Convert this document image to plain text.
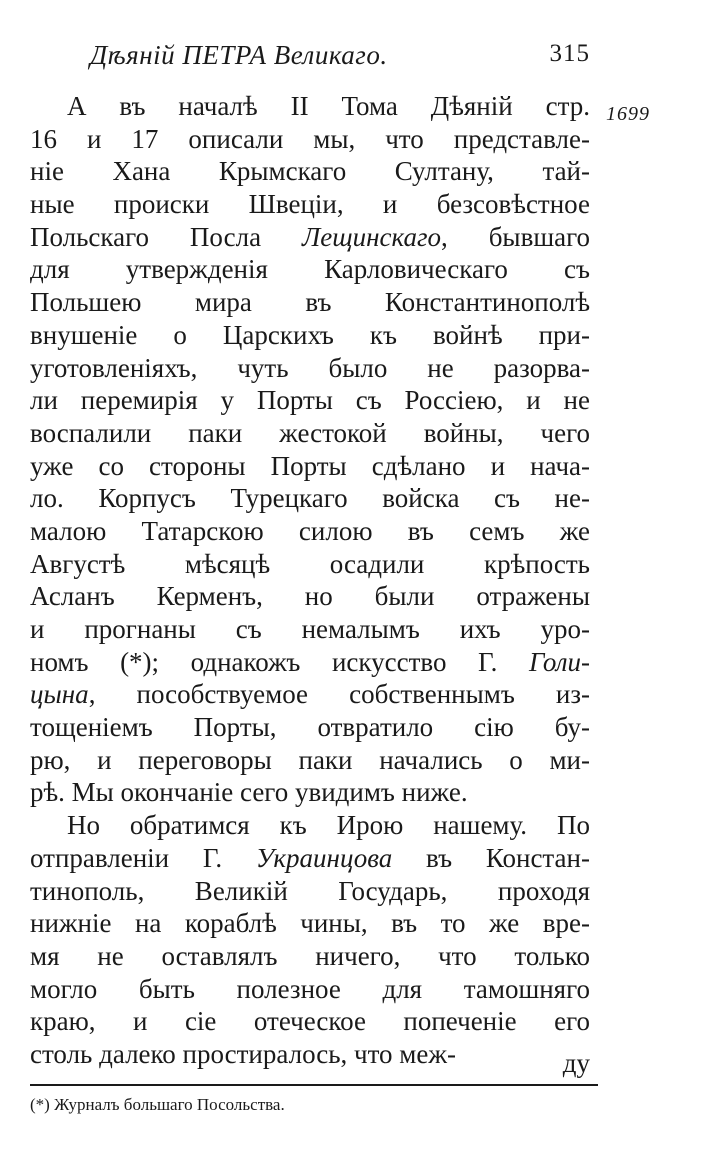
Дѣяній ПЕТРА Великаго.	315
1699
А въ началѣ II Тома Дѣяній стр.
16 и 17 описали мы, что представле-
ніе Хана Крымскаго Султану, тай-
ныe происки Швеціи, и безсовѣстное
Польскаго Посла Лещинскаго, бывшаго
для утвержденія Карловическаго съ
Польшею мира въ Константинополѣ
внушеніе о Царскихъ къ войнѣ при-
уготовленіяхъ, чуть было не разорва-
ли перемирія у Порты съ Россіею, и не
воспалили паки жестокой войны, чего
уже со стороны Порты сдѣлано и нача-
ло. Корпусъ Турецкаго войска съ не-
малою Татарскою силою въ семъ же
Августѣ мѣсяцѣ осадили крѣпость
Асланъ Керменъ, но были отражены
и прогнаны съ немалымъ ихъ уро-
номъ (*); однакожъ искусство Г. Голи-
цына, пособствуемое собственнымъ из-
тощеніемъ Порты, отвратило сію бу-
рю, и переговоры паки начались о ми-
рѣ. Мы окончаніе сего увидимъ ниже.
Но обратимся къ Ирою нашему. По
отправленіи Г. Украинцова въ Констан-
тинополь, Великій Государь, проходя
нижніе на кораблѣ чины, въ то же вре-
мя не оставлялъ ничего, что только
могло быть полезное для тамошняго
краю, и сіе отеческое попеченіе его
столь далеко простиралось, что меж-	ду
(*) Журналъ большаго Посольства.
